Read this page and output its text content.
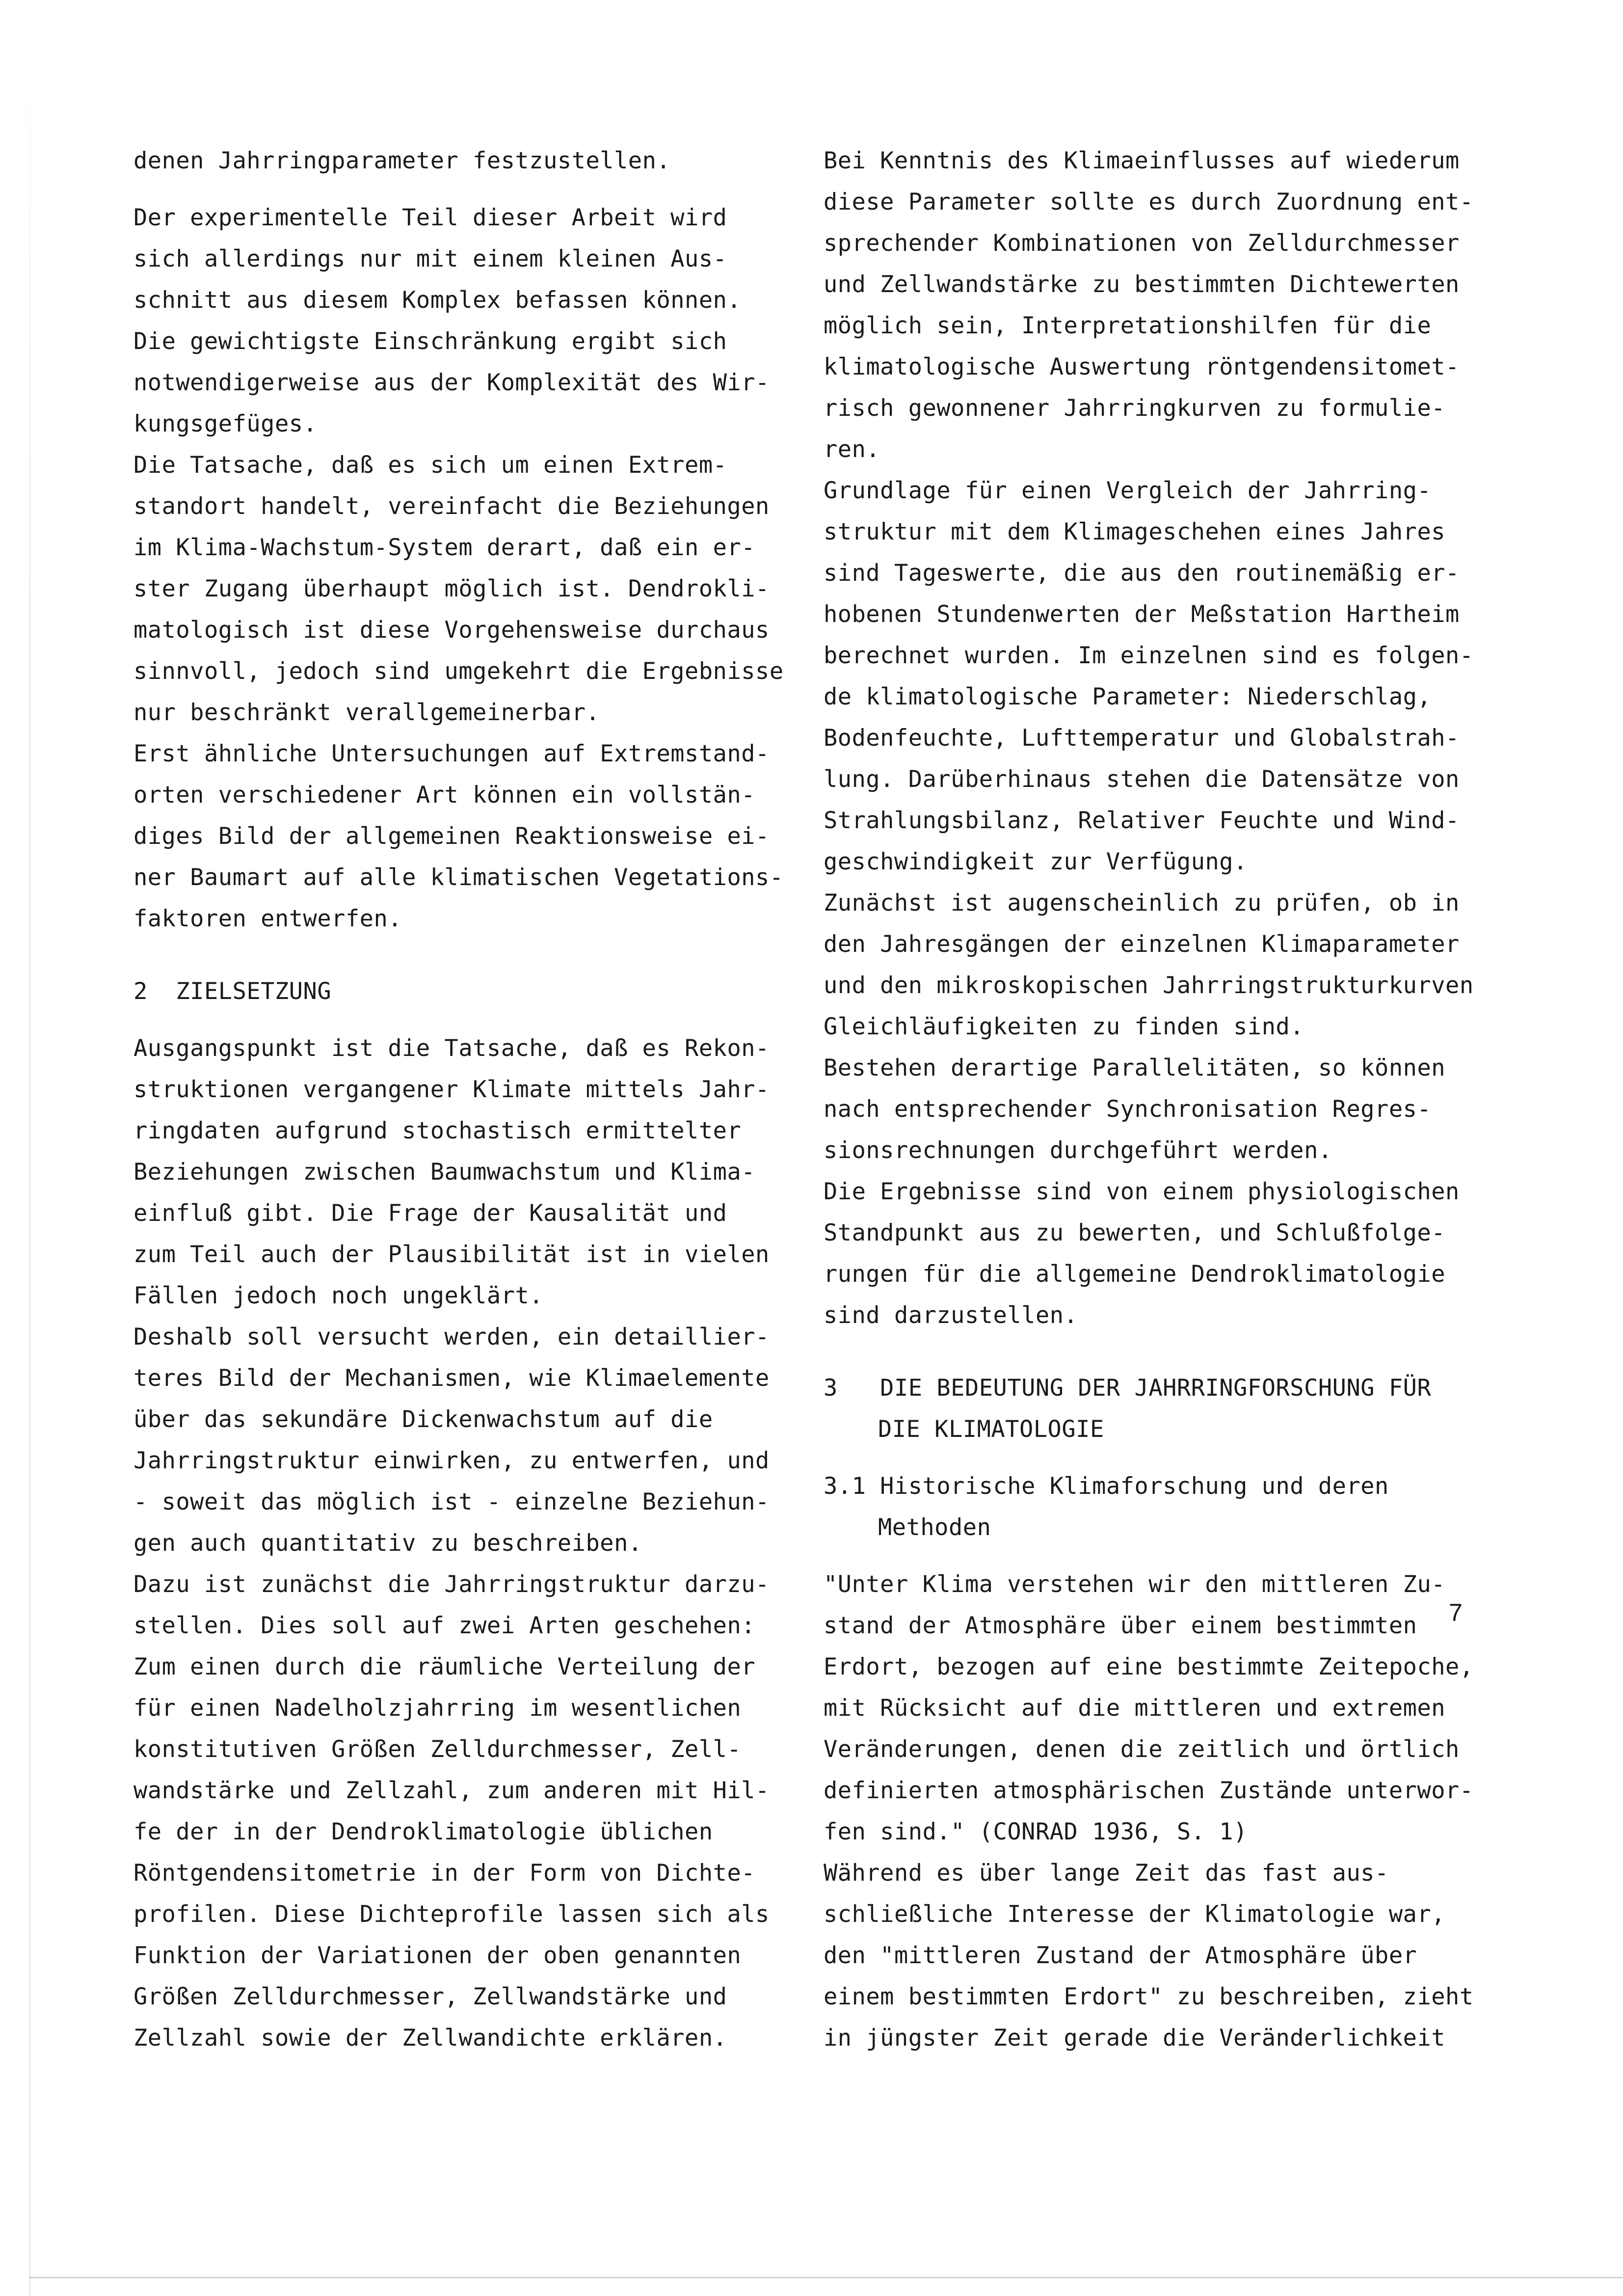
denen Jahrringparameter festzustellen.
Der experimentelle Teil dieser Arbeit wird
sich allerdings nur mit einem kleinen Aus-
schnitt aus diesem Komplex befassen können.
Die gewichtigste Einschränkung ergibt sich
notwendigerweise aus der Komplexität des Wir-
kungsgefüges.
Die Tatsache, daß es sich um einen Extrem-
standort handelt, vereinfacht die Beziehungen
im Klima-Wachstum-System derart, daß ein er-
ster Zugang überhaupt möglich ist. Dendrokli-
matologisch ist diese Vorgehensweise durchaus
sinnvoll, jedoch sind umgekehrt die Ergebnisse
nur beschränkt verallgemeinerbar.
Erst ähnliche Untersuchungen auf Extremstand-
orten verschiedener Art können ein vollstän-
diges Bild der allgemeinen Reaktionsweise ei-
ner Baumart auf alle klimatischen Vegetations-
faktoren entwerfen.
2  ZIELSETZUNG
Ausgangspunkt ist die Tatsache, daß es Rekon-
struktionen vergangener Klimate mittels Jahr-
ringdaten aufgrund stochastisch ermittelter
Beziehungen zwischen Baumwachstum und Klima-
einfluß gibt. Die Frage der Kausalität und
zum Teil auch der Plausibilität ist in vielen
Fällen jedoch noch ungeklärt.
Deshalb soll versucht werden, ein detaillier-
teres Bild der Mechanismen, wie Klimaelemente
über das sekundäre Dickenwachstum auf die
Jahrringstruktur einwirken, zu entwerfen, und
- soweit das möglich ist - einzelne Beziehun-
gen auch quantitativ zu beschreiben.
Dazu ist zunächst die Jahrringstruktur darzu-
stellen. Dies soll auf zwei Arten geschehen:
Zum einen durch die räumliche Verteilung der
für einen Nadelholzjahrring im wesentlichen
konstitutiven Größen Zelldurchmesser, Zell-
wandstärke und Zellzahl, zum anderen mit Hil-
fe der in der Dendroklimatologie üblichen
Röntgendensitometrie in der Form von Dichte-
profilen. Diese Dichteprofile lassen sich als
Funktion der Variationen der oben genannten
Größen Zelldurchmesser, Zellwandstärke und
Zellzahl sowie der Zellwandichte erklären.
Bei Kenntnis des Klimaeinflusses auf wiederum
diese Parameter sollte es durch Zuordnung ent-
sprechender Kombinationen von Zelldurchmesser
und Zellwandstärke zu bestimmten Dichtewerten
möglich sein, Interpretationshilfen für die
klimatologische Auswertung röntgendensitomet-
risch gewonnener Jahrringkurven zu formulie-
ren.
Grundlage für einen Vergleich der Jahrring-
struktur mit dem Klimageschehen eines Jahres
sind Tageswerte, die aus den routinemäßig er-
hobenen Stundenwerten der Meßstation Hartheim
berechnet wurden. Im einzelnen sind es folgen-
de klimatologische Parameter: Niederschlag,
Bodenfeuchte, Lufttemperatur und Globalstrah-
lung. Darüberhinaus stehen die Datensätze von
Strahlungsbilanz, Relativer Feuchte und Wind-
geschwindigkeit zur Verfügung.
Zunächst ist augenscheinlich zu prüfen, ob in
den Jahresgängen der einzelnen Klimaparameter
und den mikroskopischen Jahrringstrukturkurven
Gleichläufigkeiten zu finden sind.
Bestehen derartige Parallelitäten, so können
nach entsprechender Synchronisation Regres-
sionsrechnungen durchgeführt werden.
Die Ergebnisse sind von einem physiologischen
Standpunkt aus zu bewerten, und Schlußfolge-
rungen für die allgemeine Dendroklimatologie
sind darzustellen.
3   DIE BEDEUTUNG DER JAHRRINGFORSCHUNG FÜR
DIE KLIMATOLOGIE
3.1 Historische Klimaforschung und deren
Methoden
"Unter Klima verstehen wir den mittleren Zu-
stand der Atmosphäre über einem bestimmten
Erdort, bezogen auf eine bestimmte Zeitepoche,
mit Rücksicht auf die mittleren und extremen
Veränderungen, denen die zeitlich und örtlich
definierten atmosphärischen Zustände unterwor-
fen sind." (CONRAD 1936, S. 1)
Während es über lange Zeit das fast aus-
schließliche Interesse der Klimatologie war,
den "mittleren Zustand der Atmosphäre über
einem bestimmten Erdort" zu beschreiben, zieht
in jüngster Zeit gerade die Veränderlichkeit
7
